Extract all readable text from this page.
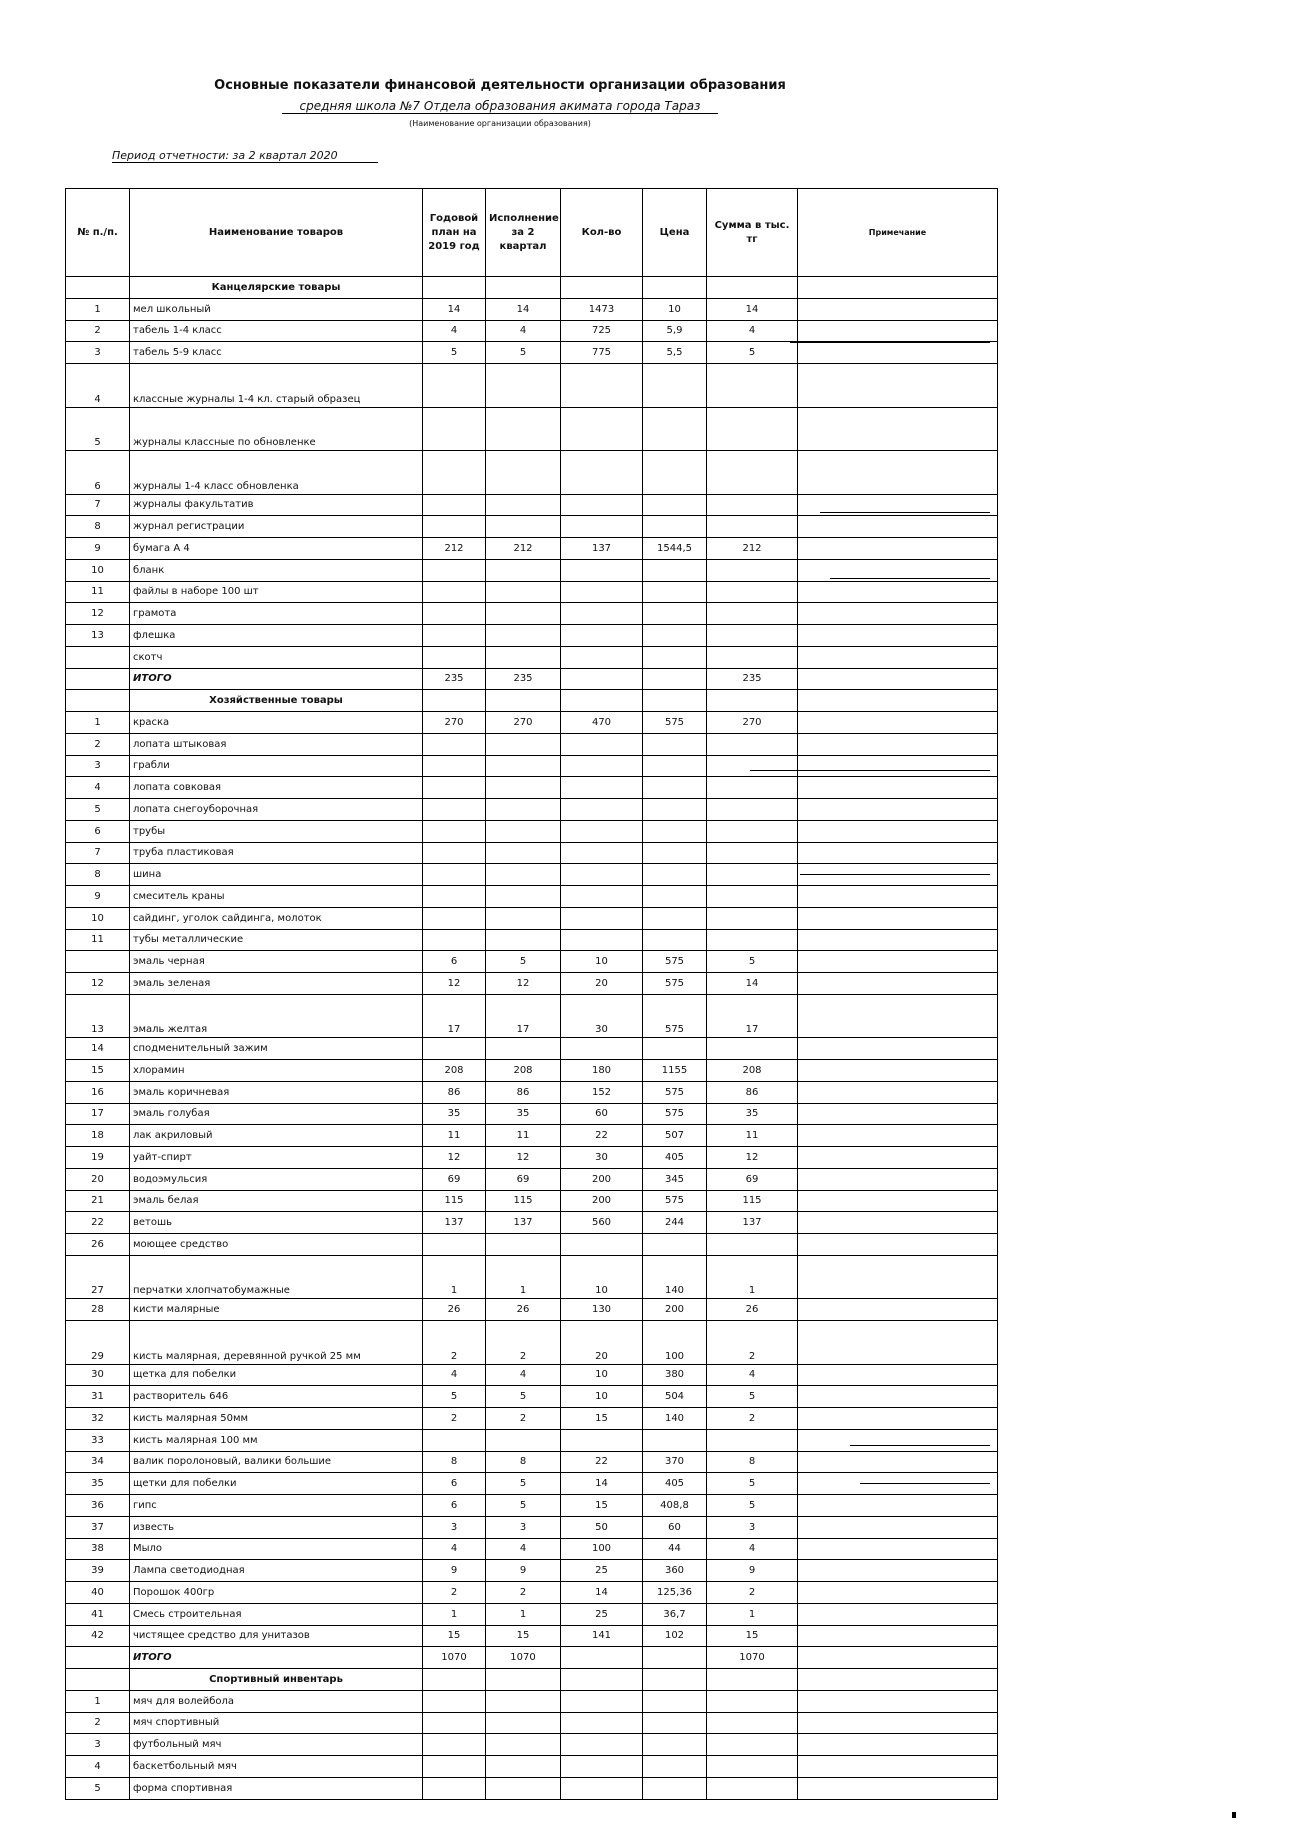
Основные показатели финансовой деятельности организации образования
средняя школа №7 Отдела образования акимата города Тараз
(Наименование организации образования)
Период отчетности: за 2 квартал 2020
№ п./п.	Наименование товаров	Годовой план на 2019 год	Исполнение за 2 квартал	Кол-во	Цена	Сумма в тыс. тг	Примечание
	Канцелярские товары						
1	мел школьный	14	14	1473	10	14	
2	табель 1-4 класс	4	4	725	5,9	4	
3	табель 5-9 класс	5	5	775	5,5	5	
4	классные журналы 1-4 кл. старый образец						
5	журналы классные по обновленке						
6	журналы 1-4 класс обновленка						
7	журналы факультатив						
8	журнал регистрации						
9	бумага А 4	212	212	137	1544,5	212	
10	бланк						
11	файлы в наборе 100 шт						
12	грамота						
13	флешка						
	скотч						
	ИТОГО	235	235			235	
	Хозяйственные товары						
1	краска	270	270	470	575	270	
2	лопата штыковая						
3	грабли						
4	лопата совковая						
5	лопата снегоуборочная						
6	трубы						
7	труба пластиковая						
8	шина						
9	смеситель краны						
10	сайдинг, уголок сайдинга, молоток						
11	тубы металлические						
	эмаль черная	6	5	10	575	5	
12	эмаль зеленая	12	12	20	575	14	
13	эмаль желтая	17	17	30	575	17	
14	сподменительный зажим						
15	хлорамин	208	208	180	1155	208	
16	эмаль коричневая	86	86	152	575	86	
17	эмаль голубая	35	35	60	575	35	
18	лак акриловый	11	11	22	507	11	
19	уайт-спирт	12	12	30	405	12	
20	водоэмульсия	69	69	200	345	69	
21	эмаль белая	115	115	200	575	115	
22	ветошь	137	137	560	244	137	
26	моющее средство						
27	перчатки хлопчатобумажные	1	1	10	140	1	
28	кисти малярные	26	26	130	200	26	
29	кисть малярная, деревянной ручкой 25 мм	2	2	20	100	2	
30	щетка для побелки	4	4	10	380	4	
31	растворитель 646	5	5	10	504	5	
32	кисть малярная 50мм	2	2	15	140	2	
33	кисть малярная 100 мм						
34	валик поролоновый, валики большие	8	8	22	370	8	
35	щетки для побелки	6	5	14	405	5	
36	гипс	6	5	15	408,8	5	
37	известь	3	3	50	60	3	
38	Мыло	4	4	100	44	4	
39	Лампа светодиодная	9	9	25	360	9	
40	Порошок 400гр	2	2	14	125,36	2	
41	Смесь строительная	1	1	25	36,7	1	
42	чистящее средство для унитазов	15	15	141	102	15	
	ИТОГО	1070	1070			1070	
	Спортивный инвентарь						
1	мяч для волейбола						
2	мяч спортивный						
3	футбольный мяч						
4	баскетбольный мяч						
5	форма спортивная						
